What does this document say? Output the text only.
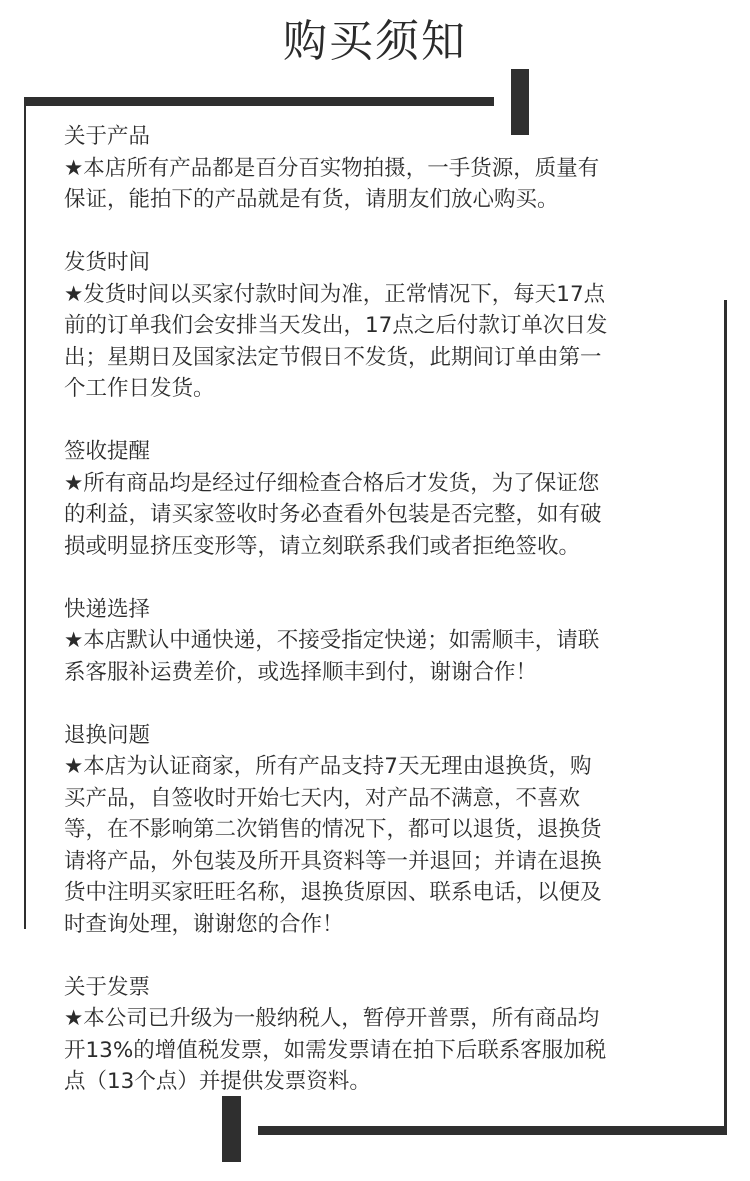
购买须知
关于产品
★本店所有产品都是百分百实物拍摄，一手货源，质量有
保证，能拍下的产品就是有货，请朋友们放心购买。
发货时间
★发货时间以买家付款时间为准，正常情况下，每天17点
前的订单我们会安排当天发出，17点之后付款订单次日发
出；星期日及国家法定节假日不发货，此期间订单由第一
个工作日发货。
签收提醒
★所有商品均是经过仔细检查合格后才发货，为了保证您
的利益，请买家签收时务必查看外包装是否完整，如有破
损或明显挤压变形等，请立刻联系我们或者拒绝签收。
快递选择
★本店默认中通快递，不接受指定快递；如需顺丰，请联
系客服补运费差价，或选择顺丰到付，谢谢合作！
退换问题
★本店为认证商家，所有产品支持7天无理由退换货，购
买产品，自签收时开始七天内，对产品不满意，不喜欢
等，在不影响第二次销售的情况下，都可以退货，退换货
请将产品，外包装及所开具资料等一并退回；并请在退换
货中注明买家旺旺名称，退换货原因、联系电话，以便及
时查询处理，谢谢您的合作！
关于发票
★本公司已升级为一般纳税人，暂停开普票，所有商品均
开13%的增值税发票，如需发票请在拍下后联系客服加税
点（13个点）并提供发票资料。
